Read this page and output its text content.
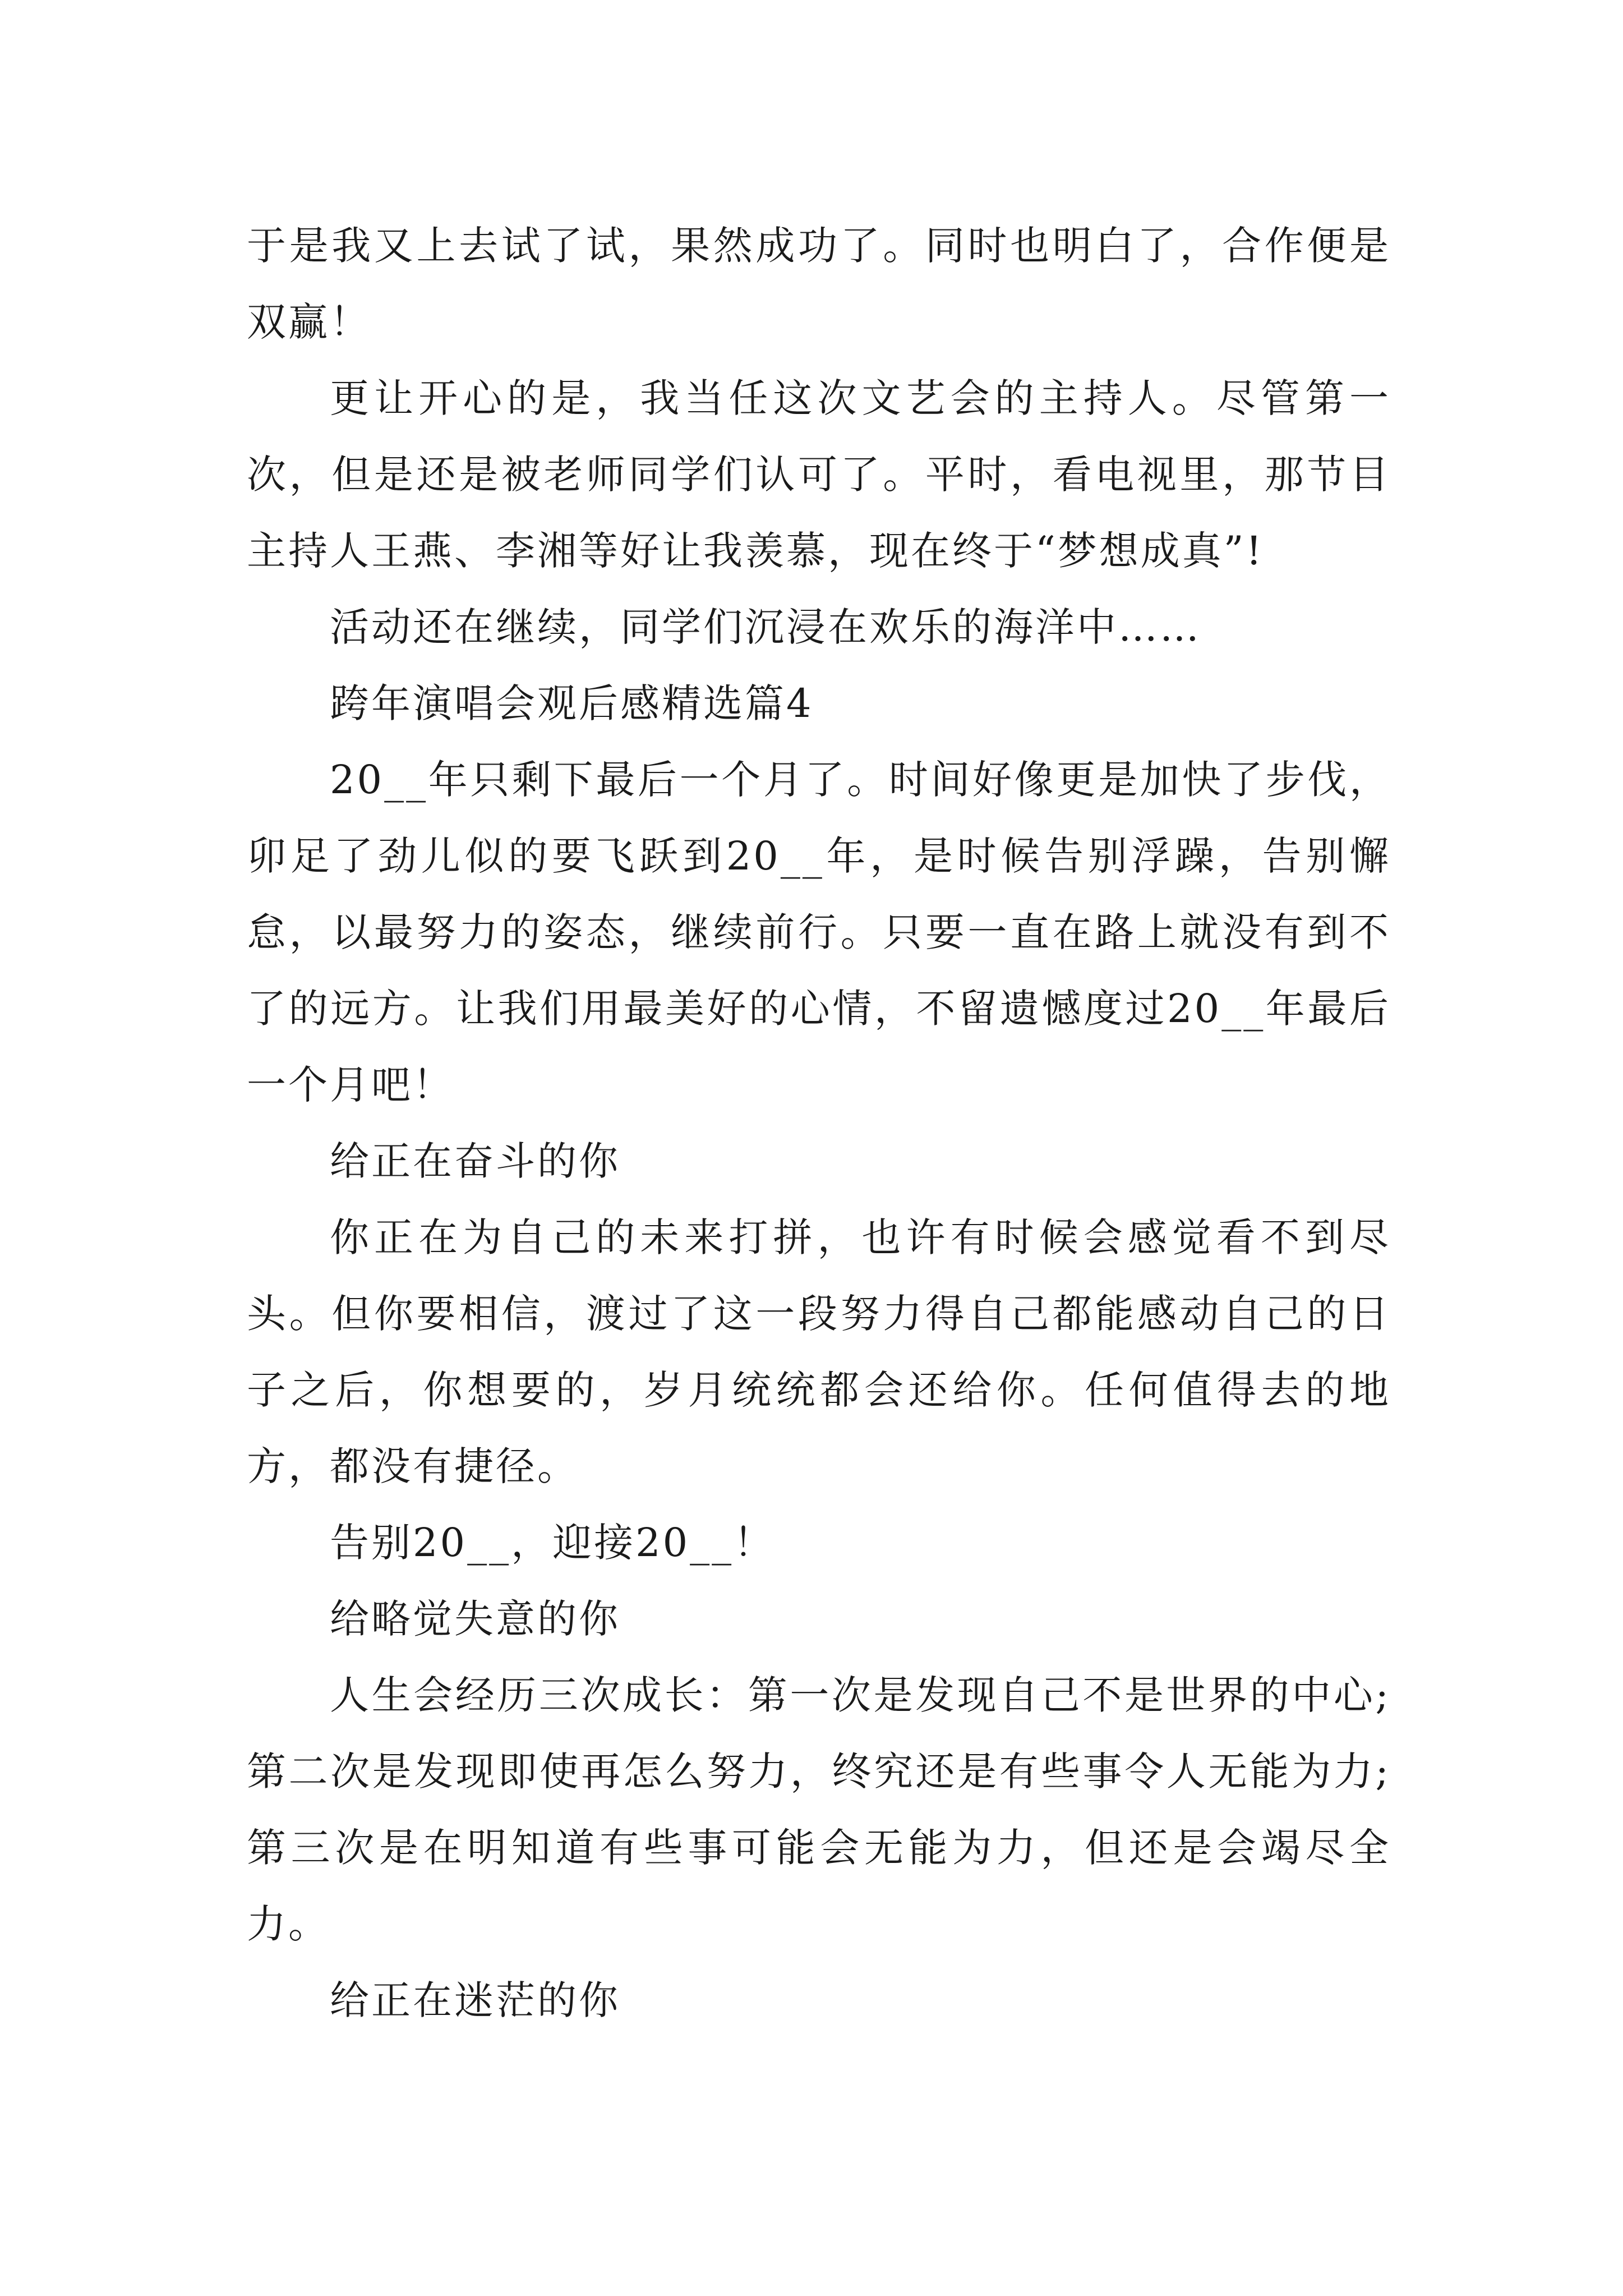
于是我又上去试了试，果然成功了。同时也明白了，合作便是双赢！

更让开心的是，我当任这次文艺会的主持人。尽管第一次，但是还是被老师同学们认可了。平时，看电视里，那节目主持人王燕、李湘等好让我羡慕，现在终于“梦想成真”!

活动还在继续，同学们沉浸在欢乐的海洋中……

跨年演唱会观后感精选篇4

20__年只剩下最后一个月了。时间好像更是加快了步伐，卯足了劲儿似的要飞跃到20__年，是时候告别浮躁，告别懈怠，以最努力的姿态，继续前行。只要一直在路上就没有到不了的远方。让我们用最美好的心情，不留遗憾度过20__年最后一个月吧！

给正在奋斗的你

你正在为自己的未来打拼，也许有时候会感觉看不到尽头。但你要相信，渡过了这一段努力得自己都能感动自己的日子之后，你想要的，岁月统统都会还给你。任何值得去的地方，都没有捷径。

告别20__，迎接20__！

给略觉失意的你

人生会经历三次成长：第一次是发现自己不是世界的中心;第二次是发现即使再怎么努力，终究还是有些事令人无能为力;第三次是在明知道有些事可能会无能为力，但还是会竭尽全力。

给正在迷茫的你
